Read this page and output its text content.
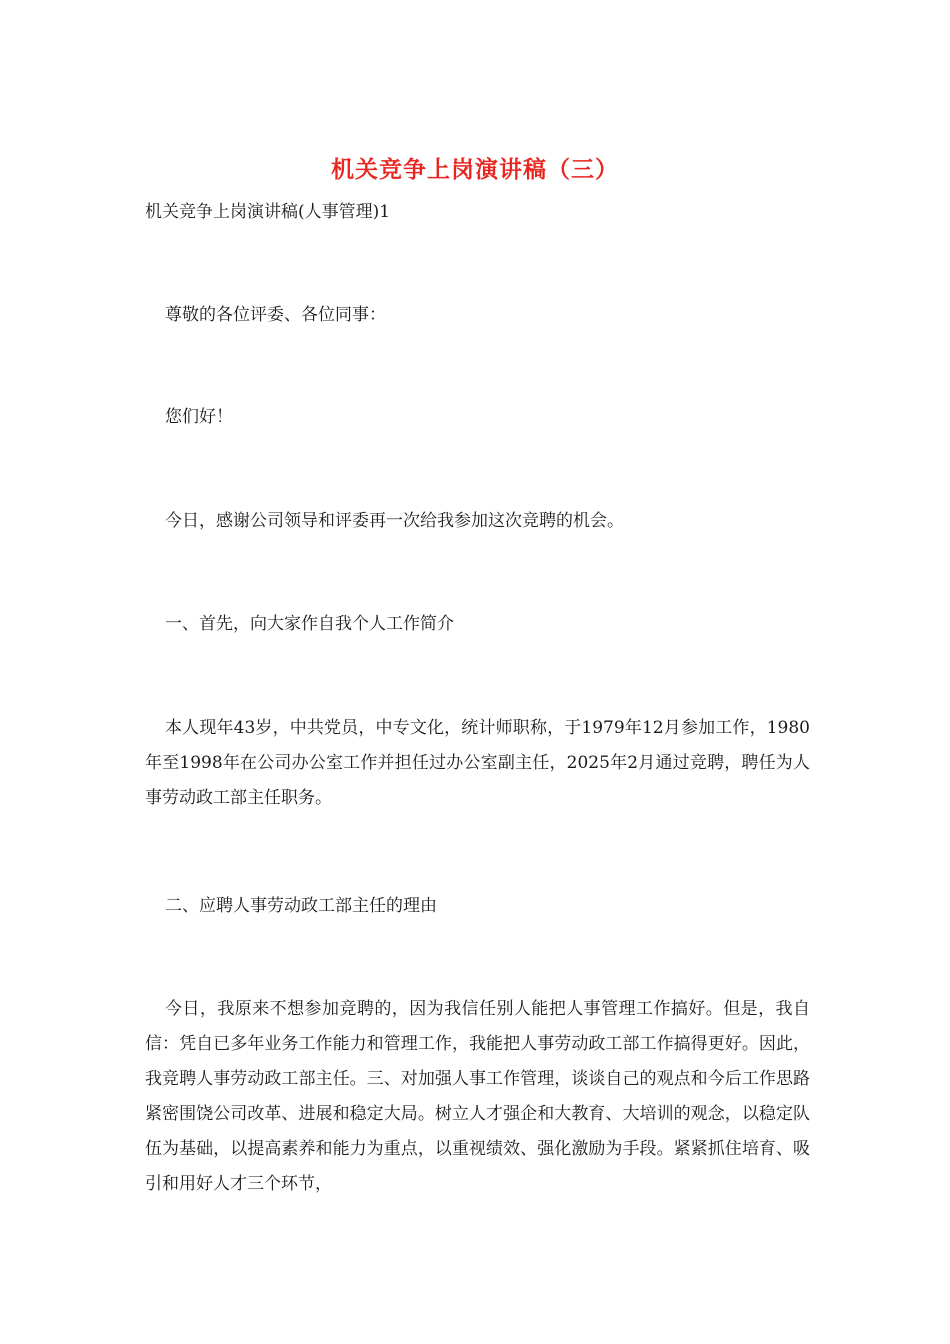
机关竞争上岗演讲稿（三）
机关竞争上岗演讲稿(人事管理)1
尊敬的各位评委、各位同事：
您们好！
今日，感谢公司领导和评委再一次给我参加这次竞聘的机会。
一、首先，向大家作自我个人工作简介
本人现年43岁，中共党员，中专文化，统计师职称，于1979年12月参加工作，1980年至1998年在公司办公室工作并担任过办公室副主任，2025年2月通过竞聘，聘任为人事劳动政工部主任职务。
二、应聘人事劳动政工部主任的理由
今日，我原来不想参加竞聘的，因为我信任别人能把人事管理工作搞好。但是，我自信：凭自已多年业务工作能力和管理工作，我能把人事劳动政工部工作搞得更好。因此，我竞聘人事劳动政工部主任。三、对加强人事工作管理，谈谈自己的观点和今后工作思路紧密围饶公司改革、进展和稳定大局。树立人才强企和大教育、大培训的观念，以稳定队伍为基础，以提高素养和能力为重点，以重视绩效、强化激励为手段。紧紧抓住培育、吸引和用好人才三个环节，
